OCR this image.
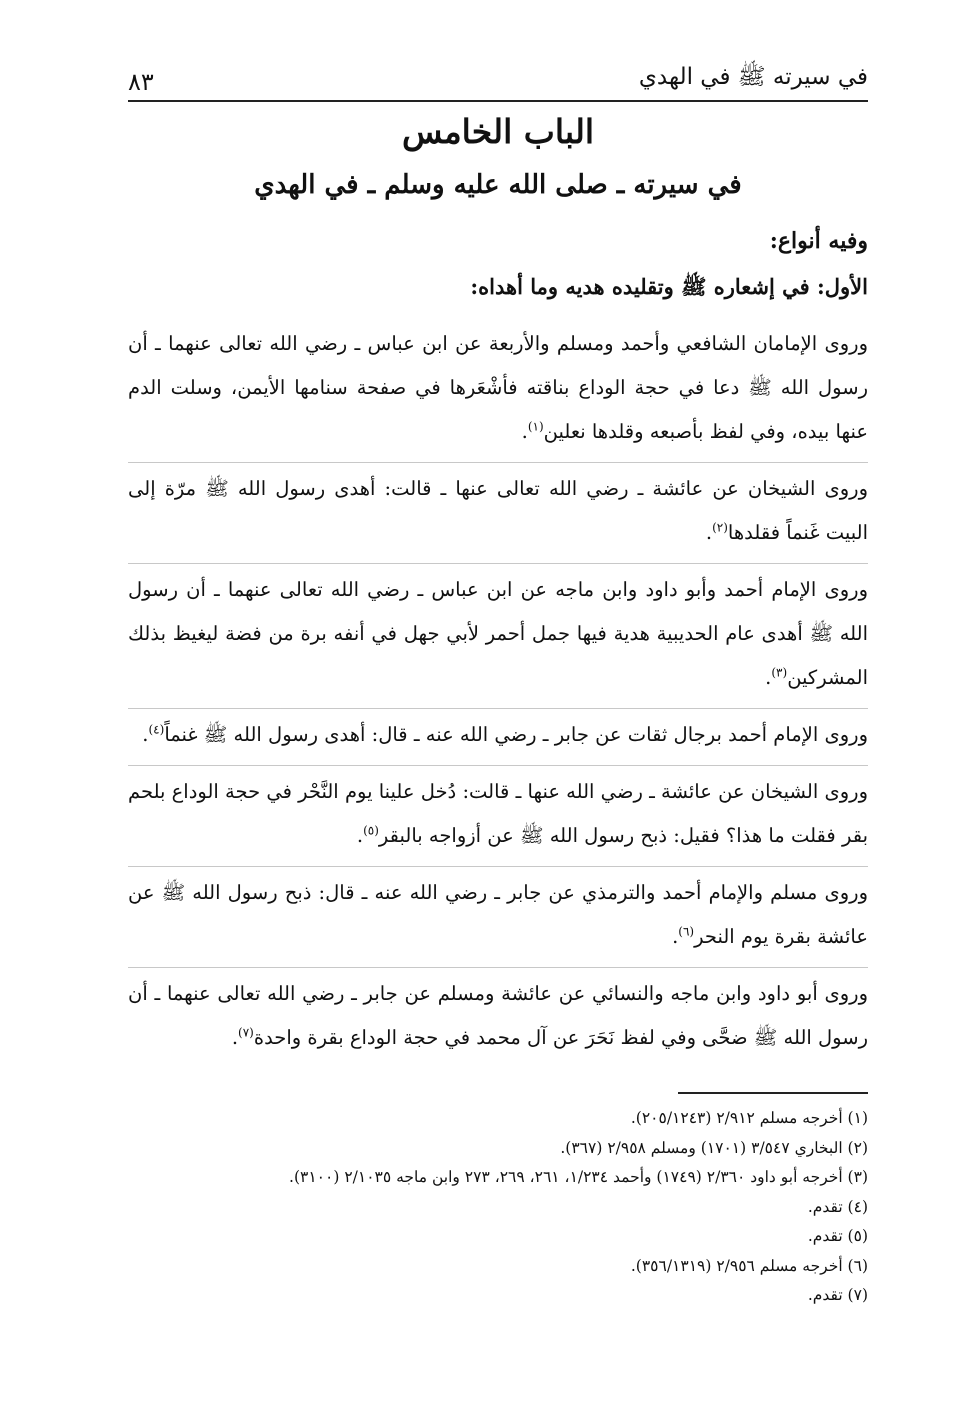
٨٣	في سيرته ﷺ في الهدي
الباب الخامس
في سيرته ـ صلى الله عليه وسلم ـ في الهدي
وفيه أنواع:
الأول: في إشعاره ﷺ وتقليده هديه وما أهداه:

وروى الإمامان الشافعي وأحمد ومسلم والأربعة عن ابن عباس ـ رضي الله تعالى عنهما ـ أن رسول الله ﷺ دعا في حجة الوداع بناقته فأشْعَرها في صفحة سنامها الأيمن، وسلت الدم عنها بيده، وفي لفظ بأصبعه وقلدها نعلين$^{(١)}$.

وروى الشيخان عن عائشة ـ رضي الله تعالى عنها ـ قالت: أهدى رسول الله ﷺ مرّة إلى البيت غَنماً فقلدها$^{(٢)}$.

وروى الإمام أحمد وأبو داود وابن ماجه عن ابن عباس ـ رضي الله تعالى عنهما ـ أن رسول الله ﷺ أهدى عام الحديبية هدية فيها جمل أحمر لأبي جهل في أنفه برة من فضة ليغيظ بذلك المشركين$^{(٣)}$.

وروى الإمام أحمد برجال ثقات عن جابر ـ رضي الله عنه ـ قال: أهدى رسول الله ﷺ غنماً$^{(٤)}$.

وروى الشيخان عن عائشة ـ رضي الله عنها ـ قالت: دُخل علينا يوم النَّحْر في حجة الوداع بلحم بقر فقلت ما هذا؟ فقيل: ذبح رسول الله ﷺ عن أزواجه بالبقر$^{(٥)}$.

وروى مسلم والإمام أحمد والترمذي عن جابر ـ رضي الله عنه ـ قال: ذبح رسول الله ﷺ عن عائشة بقرة يوم النحر$^{(٦)}$.

وروى أبو داود وابن ماجه والنسائي عن عائشة ومسلم عن جابر ـ رضي الله تعالى عنهما ـ أن رسول الله ﷺ ضحَّى وفي لفظ نَحَرَ عن آل محمد في حجة الوداع بقرة واحدة$^{(٧)}$.

(١) أخرجه مسلم ٢/٩١٢ (٢٠٥/١٢٤٣).
(٢) البخاري ٣/٥٤٧ (١٧٠١) ومسلم ٢/٩٥٨ (٣٦٧).
(٣) أخرجه أبو داود ٢/٣٦٠ (١٧٤٩) وأحمد ١/٢٣٤، ٢٦١، ٢٦٩، ٢٧٣ وابن ماجه ٢/١٠٣٥ (٣١٠٠).
(٤) تقدم.
(٥) تقدم.
(٦) أخرجه مسلم ٢/٩٥٦ (٣٥٦/١٣١٩).
(٧) تقدم.
